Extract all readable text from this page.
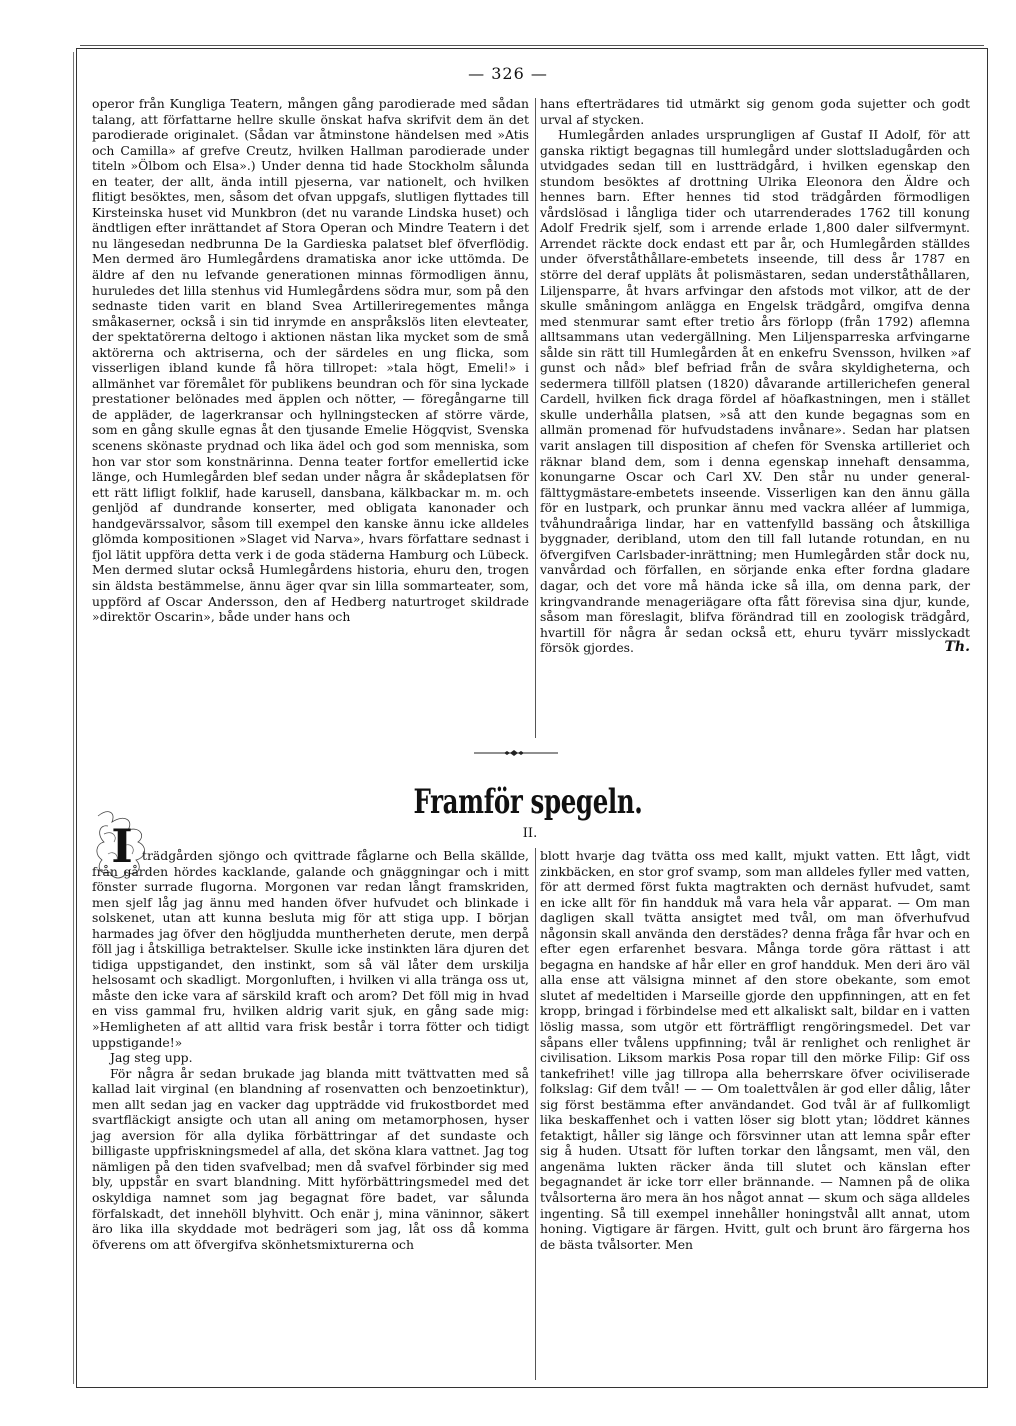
— 326 —

operor från Kungliga Teatern, mången gång parodierade med sådan talang, att författarne hellre skulle önskat hafva skrifvit dem än det parodierade originalet. (Sådan var åtminstone händelsen med »Atis och Camilla» af grefve Creutz, hvilken Hallman parodierade under titeln »Ölbom och Elsa».) Under denna tid hade Stockholm sålunda en teater, der allt, ända intill pjeserna, var nationelt, och hvilken flitigt besöktes, men, såsom det ofvan uppgafs, slutligen flyttades till Kirsteinska huset vid Munkbron (det nu varande Lindska huset) och ändtligen efter inrättandet af Stora Operan och Mindre Teatern i det nu längesedan nedbrunna De la Gardieska palatset blef öfverflödig. Men dermed äro Humlegårdens dramatiska anor icke uttömda. De äldre af den nu lefvande generationen minnas förmodligen ännu, huruledes det lilla stenhus vid Humlegårdens södra mur, som på den sednaste tiden varit en bland Svea Artilleriregementes många småkaserner, också i sin tid inrymde en anspråkslös liten elevteater, der spektatörerna deltogo i aktionen nästan lika mycket som de små aktörerna och aktriserna, och der särdeles en ung flicka, som visserligen ibland kunde få höra tillropet: »tala högt, Emeli!» i allmänhet var föremålet för publikens beundran och för sina lyckade prestationer belönades med äpplen och nötter, — föregångarne till de appläder, de lagerkransar och hyllningstecken af större värde, som en gång skulle egnas åt den tjusande Emelie Högqvist, Svenska scenens skönaste prydnad och lika ädel och god som menniska, som hon var stor som konstnärinna. Denna teater fortfor emellertid icke länge, och Humlegården blef sedan under några år skådeplatsen för ett rätt lifligt folklif, hade karusell, dansbana, kälkbackar m. m. och genljöd af dundrande konserter, med obligata kanonader och handgevärssalvor, såsom till exempel den kanske ännu icke alldeles glömda kompositionen »Slaget vid Narva», hvars författare sednast i fjol lätit uppföra detta verk i de goda städerna Hamburg och Lübeck. Men dermed slutar också Humlegårdens historia, ehuru den, trogen sin äldsta bestämmelse, ännu äger qvar sin lilla sommarteater, som, uppförd af Oscar Andersson, den af Hedberg naturtroget skildrade »direktör Oscarin», både under hans och

hans efterträdares tid utmärkt sig genom goda sujetter och godt urval af stycken.

Humlegården anlades ursprungligen af Gustaf II Adolf, för att ganska riktigt begagnas till humlegård under slottsladugården och utvidgades sedan till en lustträdgård, i hvilken egenskap den stundom besöktes af drottning Ulrika Eleonora den Äldre och hennes barn. Efter hennes tid stod trädgården förmodligen vårdslösad i långliga tider och utarrenderades 1762 till konung Adolf Fredrik sjelf, som i arrende erlade 1,800 daler silfvermynt. Arrendet räckte dock endast ett par år, och Humlegården ställdes under öfverståthållare-embetets inseende, till dess år 1787 en större del deraf uppläts åt polismästaren, sedan underståthållaren, Liljensparre, åt hvars arfvingar den afstods mot vilkor, att de der skulle småningom anlägga en Engelsk trädgård, omgifva denna med stenmurar samt efter tretio års förlopp (från 1792) aflemna alltsammans utan vedergällning. Men Liljensparreska arfvingarne sålde sin rätt till Humlegården åt en enkefru Svensson, hvilken »af gunst och nåd» blef befriad från de svåra skyldigheterna, och sedermera tillföll platsen (1820) dåvarande artillerichefen general Cardell, hvilken fick draga fördel af höafkastningen, men i stället skulle underhålla platsen, »så att den kunde begagnas som en allmän promenad för hufvudstadens invånare». Sedan har platsen varit anslagen till disposition af chefen för Svenska artilleriet och räknar bland dem, som i denna egenskap innehaft densamma, konungarne Oscar och Carl XV. Den står nu under general-fälttygmästare-embetets inseende. Visserligen kan den ännu gälla för en lustpark, och prunkar ännu med vackra alléer af lummiga, tvåhundraåriga lindar, har en vattenfylld bassäng och åtskilliga byggnader, deribland, utom den till fall lutande rotundan, en nu öfvergifven Carlsbader-inrättning; men Humlegården står dock nu, vanvårdad och förfallen, en sörjande enka efter fordna gladare dagar, och det vore må hända icke så illa, om denna park, der kringvandrande menageriägare ofta fått förevisa sina djur, kunde, såsom man föreslagit, blifva förändrad till en zoologisk trädgård, hvartill för några år sedan också ett, ehuru tyvärr misslyckadt försök gjordes.	Th.

Framför spegeln.
II.
I trädgården sjöngo och qvittrade fåglarne och Bella skällde, från gården hördes kacklande, galande och gnäggningar och i mitt fönster surrade flugorna. Morgonen var redan långt framskriden, men sjelf låg jag ännu med handen öfver hufvudet och blinkade i solskenet, utan att kunna besluta mig för att stiga upp. I början harmades jag öfver den högljudda muntherheten derute, men derpå föll jag i åtskilliga betraktelser. Skulle icke instinkten lära djuren det tidiga uppstigandet, den instinkt, som så väl låter dem urskilja helsosamt och skadligt. Morgonluften, i hvilken vi alla tränga oss ut, måste den icke vara af särskild kraft och arom? Det föll mig in hvad en viss gammal fru, hvilken aldrig varit sjuk, en gång sade mig: »Hemligheten af att alltid vara frisk består i torra fötter och tidigt uppstigande!»

Jag steg upp.

För några år sedan brukade jag blanda mitt tvättvatten med så kallad lait virginal (en blandning af rosenvatten och benzoetinktur), men allt sedan jag en vacker dag uppträdde vid frukostbordet med svartfläckigt ansigte och utan all aning om metamorphosen, hyser jag aversion för alla dylika förbättringar af det sundaste och billigaste uppfriskningsmedel af alla, det sköna klara vattnet. Jag tog nämligen på den tiden svafvelbad; men då svafvel förbinder sig med bly, uppstår en svart blandning. Mitt hyförbättringsmedel med det oskyldiga namnet som jag begagnat före badet, var sålunda förfalskadt, det innehöll blyhvitt. Och enär j, mina väninnor, säkert äro lika illa skyddade mot bedrägeri som jag, låt oss då komma öfverens om att öfvergifva skönhetsmixturerna och

blott hvarje dag tvätta oss med kallt, mjukt vatten. Ett lågt, vidt zinkbäcken, en stor grof svamp, som man alldeles fyller med vatten, för att dermed först fukta magtrakten och dernäst hufvudet, samt en icke allt för fin handduk må vara hela vår apparat. — Om man dagligen skall tvätta ansigtet med tvål, om man öfverhufvud någonsin skall använda den derstädes? denna fråga får hvar och en efter egen erfarenhet besvara. Många torde göra rättast i att begagna en handske af hår eller en grof handduk. Men deri äro väl alla ense att välsigna minnet af den store obekante, som emot slutet af medeltiden i Marseille gjorde den uppfinningen, att en fet kropp, bringad i förbindelse med ett alkaliskt salt, bildar en i vatten löslig massa, som utgör ett förträffligt rengöringsmedel. Det var såpans eller tvålens uppfinning; tvål är renlighet och renlighet är civilisation. Liksom markis Posa ropar till den mörke Filip: Gif oss tankefrihet! ville jag tillropa alla beherrskare öfver ociviliserade folkslag: Gif dem tvål! — — Om toalettvålen är god eller dålig, låter sig först bestämma efter användandet. God tvål är af fullkomligt lika beskaffenhet och i vatten löser sig blott ytan; löddret kännes fetaktigt, håller sig länge och försvinner utan att lemna spår efter sig å huden. Utsatt för luften torkar den långsamt, men väl, den angenäma lukten räcker ända till slutet och känslan efter begagnandet är icke torr eller brännande. — Namnen på de olika tvålsorterna äro mera än hos något annat — skum och säga alldeles ingenting. Så till exempel innehåller honingstvål allt annat, utom honing. Vigtigare är färgen. Hvitt, gult och brunt äro färgerna hos de bästa tvålsorter. Men
